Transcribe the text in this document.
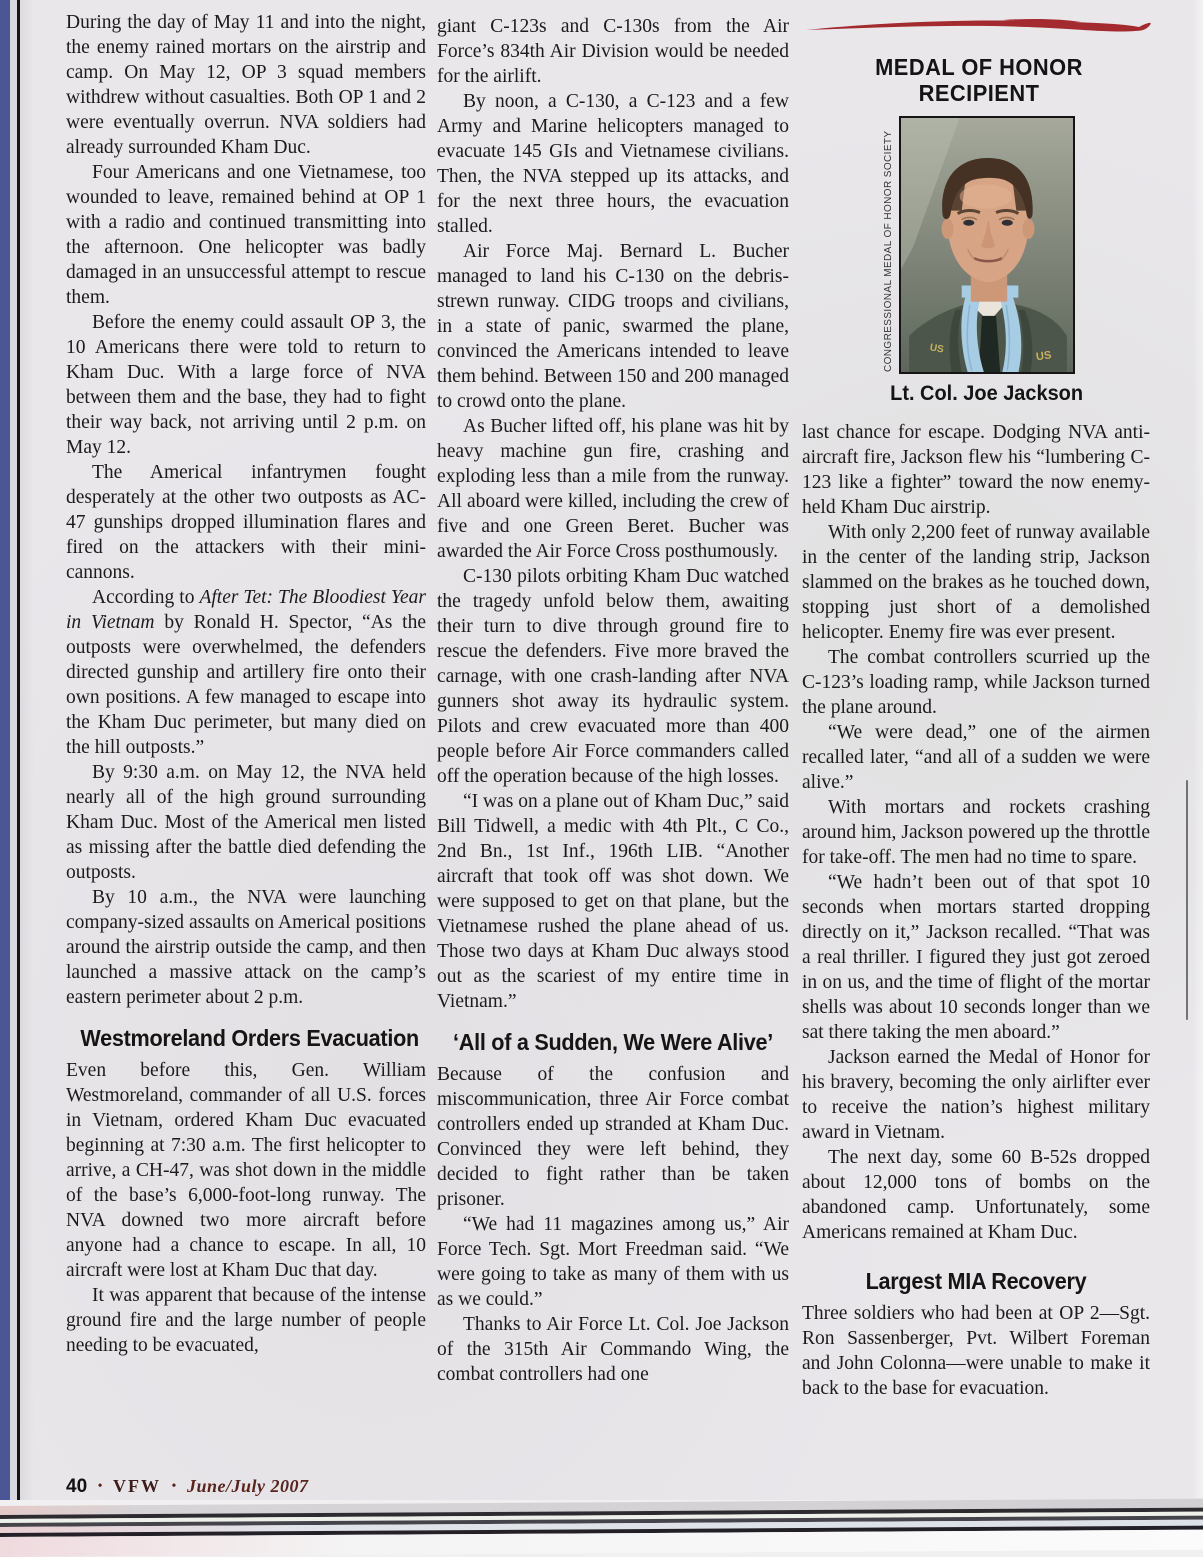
During the day of May 11 and into the night, the enemy rained mortars on the airstrip and camp. On May 12, OP 3 squad members withdrew without casualties. Both OP 1 and 2 were eventually overrun. NVA soldiers had already surrounded Kham Duc.

Four Americans and one Vietnamese, too wounded to leave, remained behind at OP 1 with a radio and continued transmitting into the afternoon. One helicopter was badly damaged in an unsuccessful attempt to rescue them.

Before the enemy could assault OP 3, the 10 Americans there were told to return to Kham Duc. With a large force of NVA between them and the base, they had to fight their way back, not arriving until 2 p.m. on May 12.

The Americal infantrymen fought desperately at the other two outposts as AC-47 gunships dropped illumination flares and fired on the attackers with their mini-cannons.

According to After Tet: The Bloodiest Year in Vietnam by Ronald H. Spector, “As the outposts were overwhelmed, the defenders directed gunship and artillery fire onto their own positions. A few managed to escape into the Kham Duc perimeter, but many died on the hill outposts.”

By 9:30 a.m. on May 12, the NVA held nearly all of the high ground surrounding Kham Duc. Most of the Americal men listed as missing after the battle died defending the outposts.

By 10 a.m., the NVA were launching company-sized assaults on Americal positions around the airstrip outside the camp, and then launched a massive attack on the camp’s eastern perimeter about 2 p.m.

Westmoreland Orders Evacuation

Even before this, Gen. William Westmoreland, commander of all U.S. forces in Vietnam, ordered Kham Duc evacuated beginning at 7:30 a.m. The first helicopter to arrive, a CH-47, was shot down in the middle of the base’s 6,000-foot-long runway. The NVA downed two more aircraft before anyone had a chance to escape. In all, 10 aircraft were lost at Kham Duc that day.

It was apparent that because of the intense ground fire and the large number of people needing to be evacuated,

giant C-123s and C-130s from the Air Force’s 834th Air Division would be needed for the airlift.

By noon, a C-130, a C-123 and a few Army and Marine helicopters managed to evacuate 145 GIs and Vietnamese civilians. Then, the NVA stepped up its attacks, and for the next three hours, the evacuation stalled.

Air Force Maj. Bernard L. Bucher managed to land his C-130 on the debris-strewn runway. CIDG troops and civilians, in a state of panic, swarmed the plane, convinced the Americans intended to leave them behind. Between 150 and 200 managed to crowd onto the plane.

As Bucher lifted off, his plane was hit by heavy machine gun fire, crashing and exploding less than a mile from the runway. All aboard were killed, including the crew of five and one Green Beret. Bucher was awarded the Air Force Cross posthumously.

C-130 pilots orbiting Kham Duc watched the tragedy unfold below them, awaiting their turn to dive through ground fire to rescue the defenders. Five more braved the carnage, with one crash-landing after NVA gunners shot away its hydraulic system. Pilots and crew evacuated more than 400 people before Air Force commanders called off the operation because of the high losses.

“I was on a plane out of Kham Duc,” said Bill Tidwell, a medic with 4th Plt., C Co., 2nd Bn., 1st Inf., 196th LIB. “Another aircraft that took off was shot down. We were supposed to get on that plane, but the Vietnamese rushed the plane ahead of us. Those two days at Kham Duc always stood out as the scariest of my entire time in Vietnam.”

‘All of a Sudden, We Were Alive’

Because of the confusion and miscommunication, three Air Force combat controllers ended up stranded at Kham Duc. Convinced they were left behind, they decided to fight rather than be taken prisoner.

“We had 11 magazines among us,” Air Force Tech. Sgt. Mort Freedman said. “We were going to take as many of them with us as we could.”

Thanks to Air Force Lt. Col. Joe Jackson of the 315th Air Commando Wing, the combat controllers had one

MEDAL OF HONOR
RECIPIENT
CONGRESSIONAL MEDAL OF HONOR SOCIETY	US
US
Lt. Col. Joe Jackson

last chance for escape. Dodging NVA anti-aircraft fire, Jackson flew his “lumbering C-123 like a fighter” toward the now enemy-held Kham Duc airstrip.

With only 2,200 feet of runway available in the center of the landing strip, Jackson slammed on the brakes as he touched down, stopping just short of a demolished helicopter. Enemy fire was ever present.

The combat controllers scurried up the C-123’s loading ramp, while Jackson turned the plane around.

“We were dead,” one of the airmen recalled later, “and all of a sudden we were alive.”

With mortars and rockets crashing around him, Jackson powered up the throttle for take-off. The men had no time to spare.

“We hadn’t been out of that spot 10 seconds when mortars started dropping directly on it,” Jackson recalled. “That was a real thriller. I figured they just got zeroed in on us, and the time of flight of the mortar shells was about 10 seconds longer than we sat there taking the men aboard.”

Jackson earned the Medal of Honor for his bravery, becoming the only airlifter ever to receive the nation’s highest military award in Vietnam.

The next day, some 60 B-52s dropped about 12,000 tons of bombs on the abandoned camp. Unfortunately, some Americans remained at Kham Duc.

Largest MIA Recovery

Three soldiers who had been at OP 2—Sgt. Ron Sassenberger, Pvt. Wilbert Foreman and John Colonna—were unable to make it back to the base for evacuation.

40 • VFW • June/July 2007
